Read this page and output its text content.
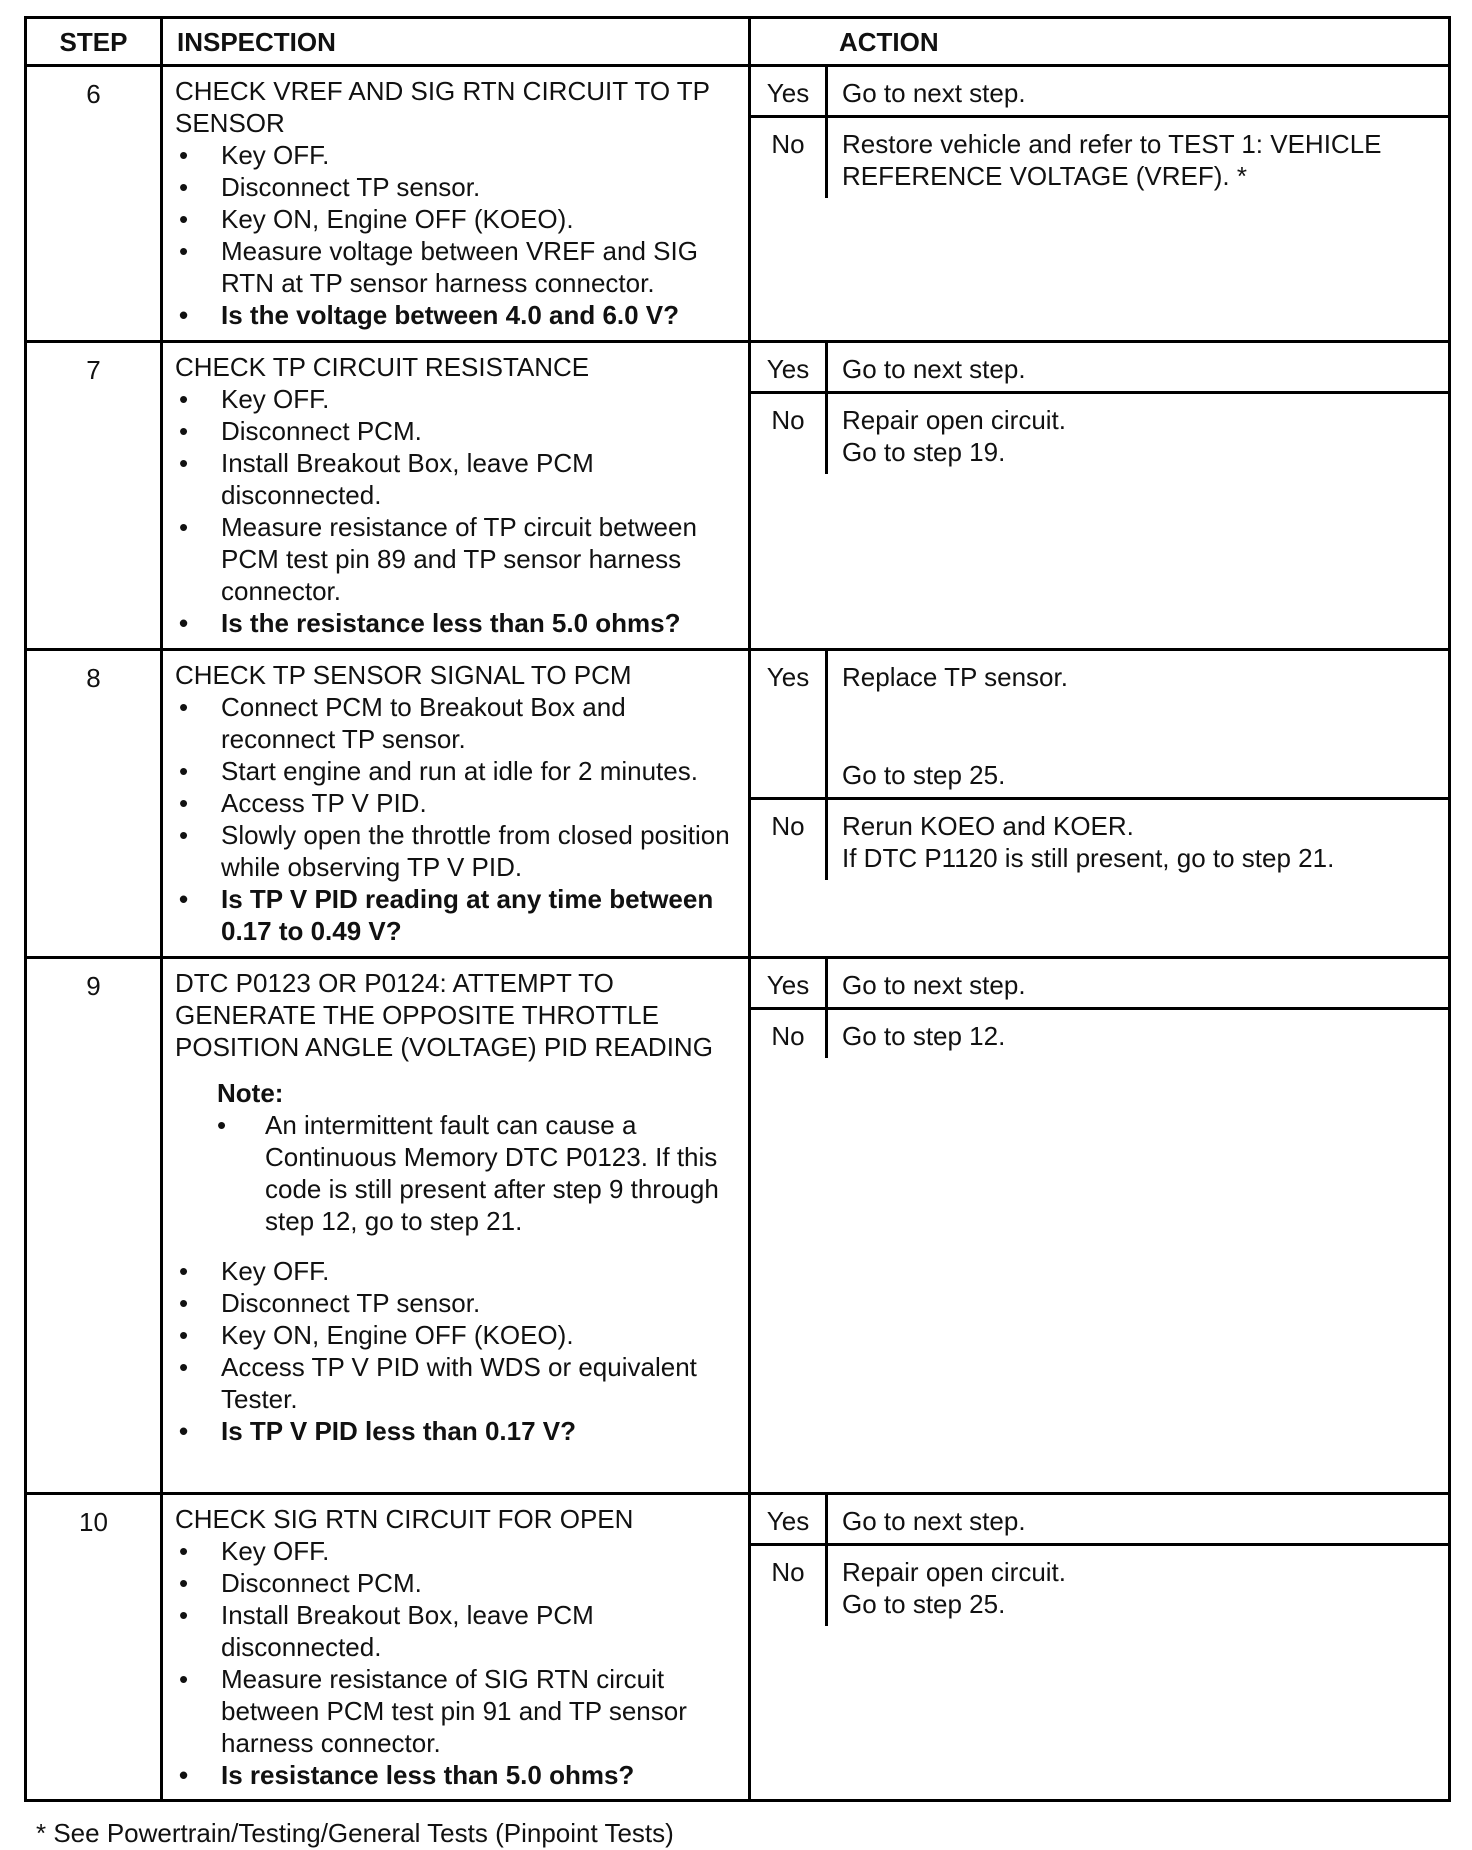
STEP	INSPECTION	ACTION
6	CHECK VREF AND SIG RTN CIRCUIT TO TP SENSOR
• Key OFF.
• Disconnect TP sensor.
• Key ON, Engine OFF (KOEO).
• Measure voltage between VREF and SIG RTN at TP sensor harness connector.
• Is the voltage between 4.0 and 6.0 V?

Yes	Go to next step.
No	Restore vehicle and refer to TEST 1: VEHICLE REFERENCE VOLTAGE (VREF). *

7	CHECK TP CIRCUIT RESISTANCE
• Key OFF.
• Disconnect PCM.
• Install Breakout Box, leave PCM disconnected.
• Measure resistance of TP circuit between PCM test pin 89 and TP sensor harness connector.
• Is the resistance less than 5.0 ohms?

Yes	Go to next step.
No	Repair open circuit.
Go to step 19.

8	CHECK TP SENSOR SIGNAL TO PCM
• Connect PCM to Breakout Box and reconnect TP sensor.
• Start engine and run at idle for 2 minutes.
• Access TP V PID.
• Slowly open the throttle from closed position while observing TP V PID.
• Is TP V PID reading at any time between 0.17 to 0.49 V?

Yes	Replace TP sensor.
Go to step 25.

No	Rerun KOEO and KOER.
If DTC P1120 is still present, go to step 21.

9	DTC P0123 OR P0124: ATTEMPT TO GENERATE THE OPPOSITE THROTTLE POSITION ANGLE (VOLTAGE) PID READING
Note:
• An intermittent fault can cause a Continuous Memory DTC P0123. If this code is still present after step 9 through step 12, go to step 21.
• Key OFF.
• Disconnect TP sensor.
• Key ON, Engine OFF (KOEO).
• Access TP V PID with WDS or equivalent Tester.
• Is TP V PID less than 0.17 V?

Yes	Go to next step.
No	Go to step 12.

10	CHECK SIG RTN CIRCUIT FOR OPEN
• Key OFF.
• Disconnect PCM.
• Install Breakout Box, leave PCM disconnected.
• Measure resistance of SIG RTN circuit between PCM test pin 91 and TP sensor harness connector.
• Is resistance less than 5.0 ohms?

Yes	Go to next step.
No	Repair open circuit.
Go to step 25.
* See Powertrain/Testing/General Tests (Pinpoint Tests)
